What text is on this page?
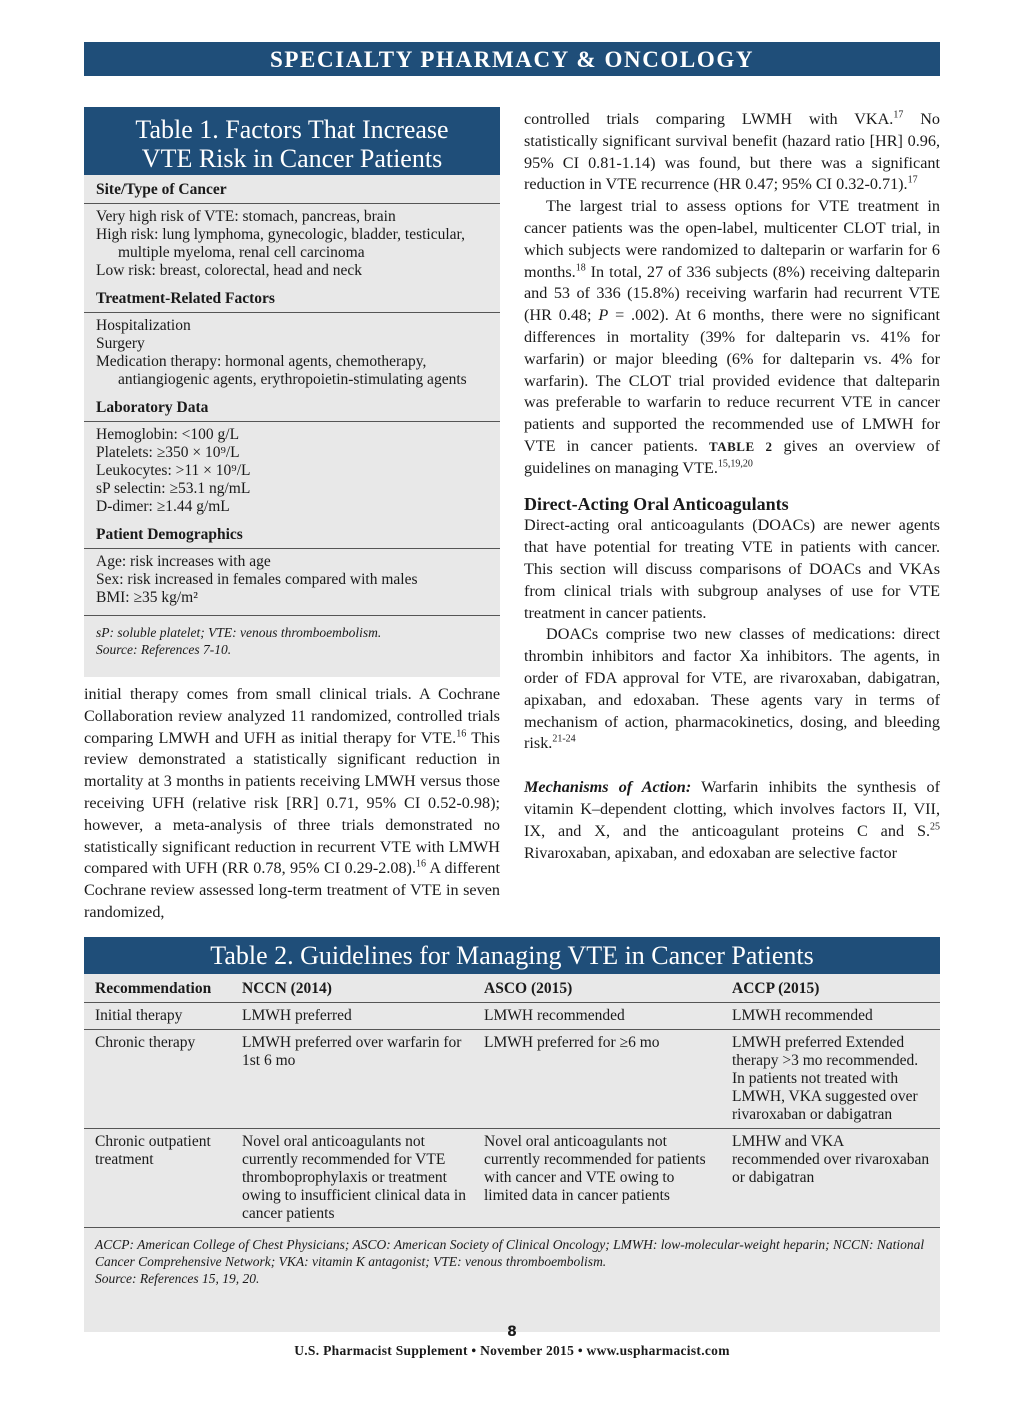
SPECIALTY PHARMACY & ONCOLOGY
Table 1. Factors That Increase
VTE Risk in Cancer Patients
Site/Type of Cancer
Very high risk of VTE: stomach, pancreas, brain
High risk: lung lymphoma, gynecologic, bladder, testicular, multiple myeloma, renal cell carcinoma
Low risk: breast, colorectal, head and neck
Treatment-Related Factors
Hospitalization
Surgery
Medication therapy: hormonal agents, chemotherapy, antiangiogenic agents, erythropoietin-stimulating agents
Laboratory Data
Hemoglobin: <100 g/L
Platelets: ≥350 × 10⁹/L
Leukocytes: >11 × 10⁹/L
sP selectin: ≥53.1 ng/mL
D-dimer: ≥1.44 g/mL
Patient Demographics
Age: risk increases with age
Sex: risk increased in females compared with males
BMI: ≥35 kg/m²
sP: soluble platelet; VTE: venous thromboembolism.
Source: References 7-10.

initial therapy comes from small clinical trials. A Cochrane Collaboration review analyzed 11 randomized, controlled trials comparing LMWH and UFH as initial therapy for VTE.$^{16}$ This review demonstrated a statistically significant reduction in mortality at 3 months in patients receiving LMWH versus those receiving UFH (relative risk [RR] 0.71, 95% CI 0.52-0.98); however, a meta-analysis of three trials demonstrated no statistically significant reduction in recurrent VTE with LMWH compared with UFH (RR 0.78, 95% CI 0.29-2.08).$^{16}$ A different Cochrane review assessed long-term treatment of VTE in seven randomized,

controlled trials comparing LWMH with VKA.$^{17}$ No statistically significant survival benefit (hazard ratio [HR] 0.96, 95% CI 0.81-1.14) was found, but there was a significant reduction in VTE recurrence (HR 0.47; 95% CI 0.32-0.71).$^{17}$

The largest trial to assess options for VTE treatment in cancer patients was the open-label, multicenter CLOT trial, in which subjects were randomized to dalteparin or warfarin for 6 months.$^{18}$ In total, 27 of 336 subjects (8%) receiving dalteparin and 53 of 336 (15.8%) receiving warfarin had recurrent VTE (HR 0.48; P = .002). At 6 months, there were no significant differences in mortality (39% for dalteparin vs. 41% for warfarin) or major bleeding (6% for dalteparin vs. 4% for warfarin). The CLOT trial provided evidence that dalteparin was preferable to warfarin to reduce recurrent VTE in cancer patients and supported the recommended use of LMWH for VTE in cancer patients. TABLE 2 gives an overview of guidelines on managing VTE.$^{15,19,20}$

Direct-Acting Oral Anticoagulants

Direct-acting oral anticoagulants (DOACs) are newer agents that have potential for treating VTE in patients with cancer. This section will discuss comparisons of DOACs and VKAs from clinical trials with subgroup analyses of use for VTE treatment in cancer patients.

DOACs comprise two new classes of medications: direct thrombin inhibitors and factor Xa inhibitors. The agents, in order of FDA approval for VTE, are rivaroxaban, dabigatran, apixaban, and edoxaban. These agents vary in terms of mechanism of action, pharmacokinetics, dosing, and bleeding risk.$^{21-24}$

Mechanisms of Action: Warfarin inhibits the synthesis of vitamin K–dependent clotting, which involves factors II, VII, IX, and X, and the anticoagulant proteins C and S.$^{25}$ Rivaroxaban, apixaban, and edoxaban are selective factor

Table 2. Guidelines for Managing VTE in Cancer Patients
Recommendation	NCCN (2014)	ASCO (2015)	ACCP (2015)
Initial therapy	LMWH preferred	LMWH recommended	LMWH recommended
Chronic therapy	LMWH preferred over warfarin for 1st 6 mo	LMWH preferred for ≥6 mo	LMWH preferred Extended therapy >3 mo recommended. In patients not treated with LMWH, VKA suggested over rivaroxaban or dabigatran
Chronic outpatient treatment	Novel oral anticoagulants not currently recommended for VTE thromboprophylaxis or treatment owing to insufficient clinical data in cancer patients	Novel oral anticoagulants not currently recommended for patients with cancer and VTE owing to limited data in cancer patients	LMHW and VKA recommended over rivaroxaban or dabigatran
ACCP: American College of Chest Physicians; ASCO: American Society of Clinical Oncology; LMWH: low-molecular-weight heparin; NCCN: National Cancer Comprehensive Network; VKA: vitamin K antagonist; VTE: venous thromboembolism.
Source: References 15, 19, 20.
8
U.S. Pharmacist Supplement • November 2015 • www.uspharmacist.com
